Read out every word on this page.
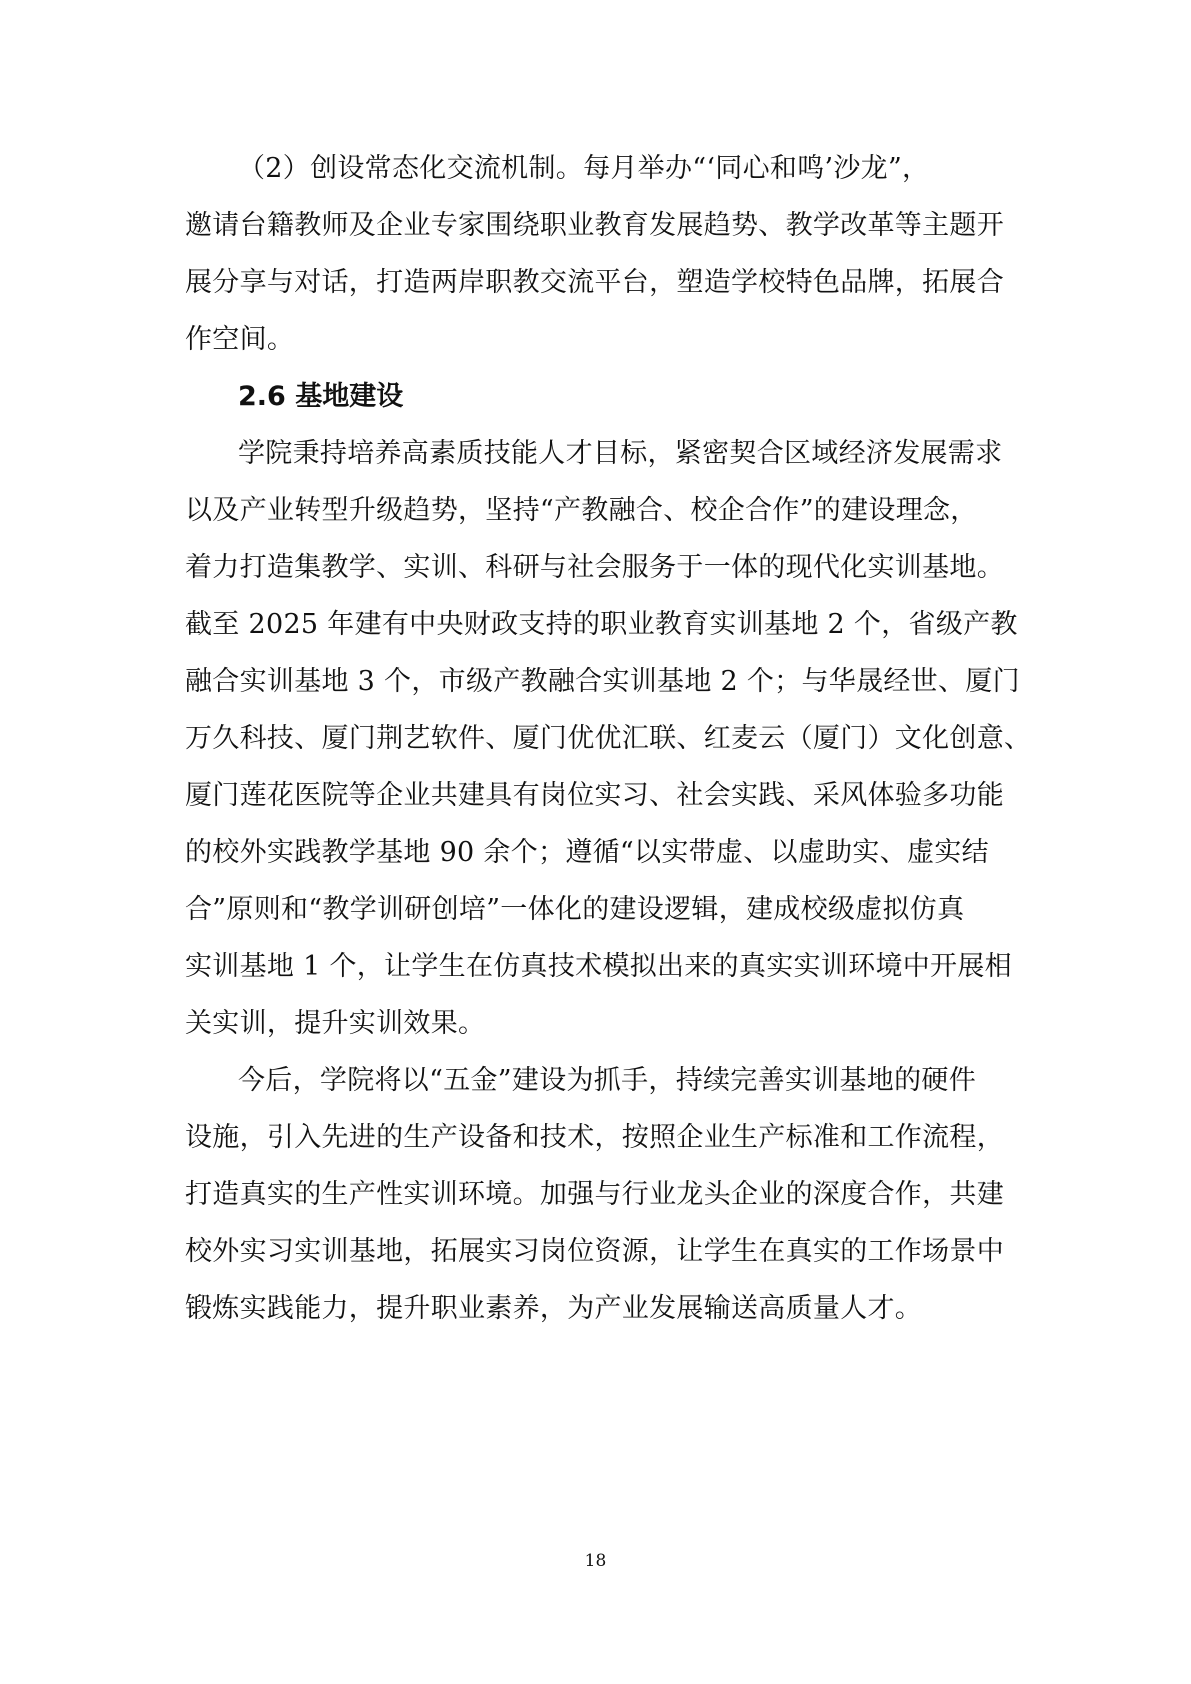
（2）创设常态化交流机制。每月举办“‘同心和鸣’沙龙”，
邀请台籍教师及企业专家围绕职业教育发展趋势、教学改革等主题开
展分享与对话，打造两岸职教交流平台，塑造学校特色品牌，拓展合
作空间。
2.6 基地建设
学院秉持培养高素质技能人才目标，紧密契合区域经济发展需求
以及产业转型升级趋势，坚持“产教融合、校企合作”的建设理念，
着力打造集教学、实训、科研与社会服务于一体的现代化实训基地。
截至 2025 年建有中央财政支持的职业教育实训基地 2 个，省级产教
融合实训基地 3 个，市级产教融合实训基地 2 个；与华晟经世、厦门
万久科技、厦门荆艺软件、厦门优优汇联、红麦云（厦门）文化创意、
厦门莲花医院等企业共建具有岗位实习、社会实践、采风体验多功能
的校外实践教学基地 90 余个；遵循“以实带虚、以虚助实、虚实结
合”原则和“教学训研创培”一体化的建设逻辑，建成校级虚拟仿真
实训基地 1 个，让学生在仿真技术模拟出来的真实实训环境中开展相
关实训，提升实训效果。
今后，学院将以“五金”建设为抓手，持续完善实训基地的硬件
设施，引入先进的生产设备和技术，按照企业生产标准和工作流程，
打造真实的生产性实训环境。加强与行业龙头企业的深度合作，共建
校外实习实训基地，拓展实习岗位资源，让学生在真实的工作场景中
锻炼实践能力，提升职业素养，为产业发展输送高质量人才。
18
